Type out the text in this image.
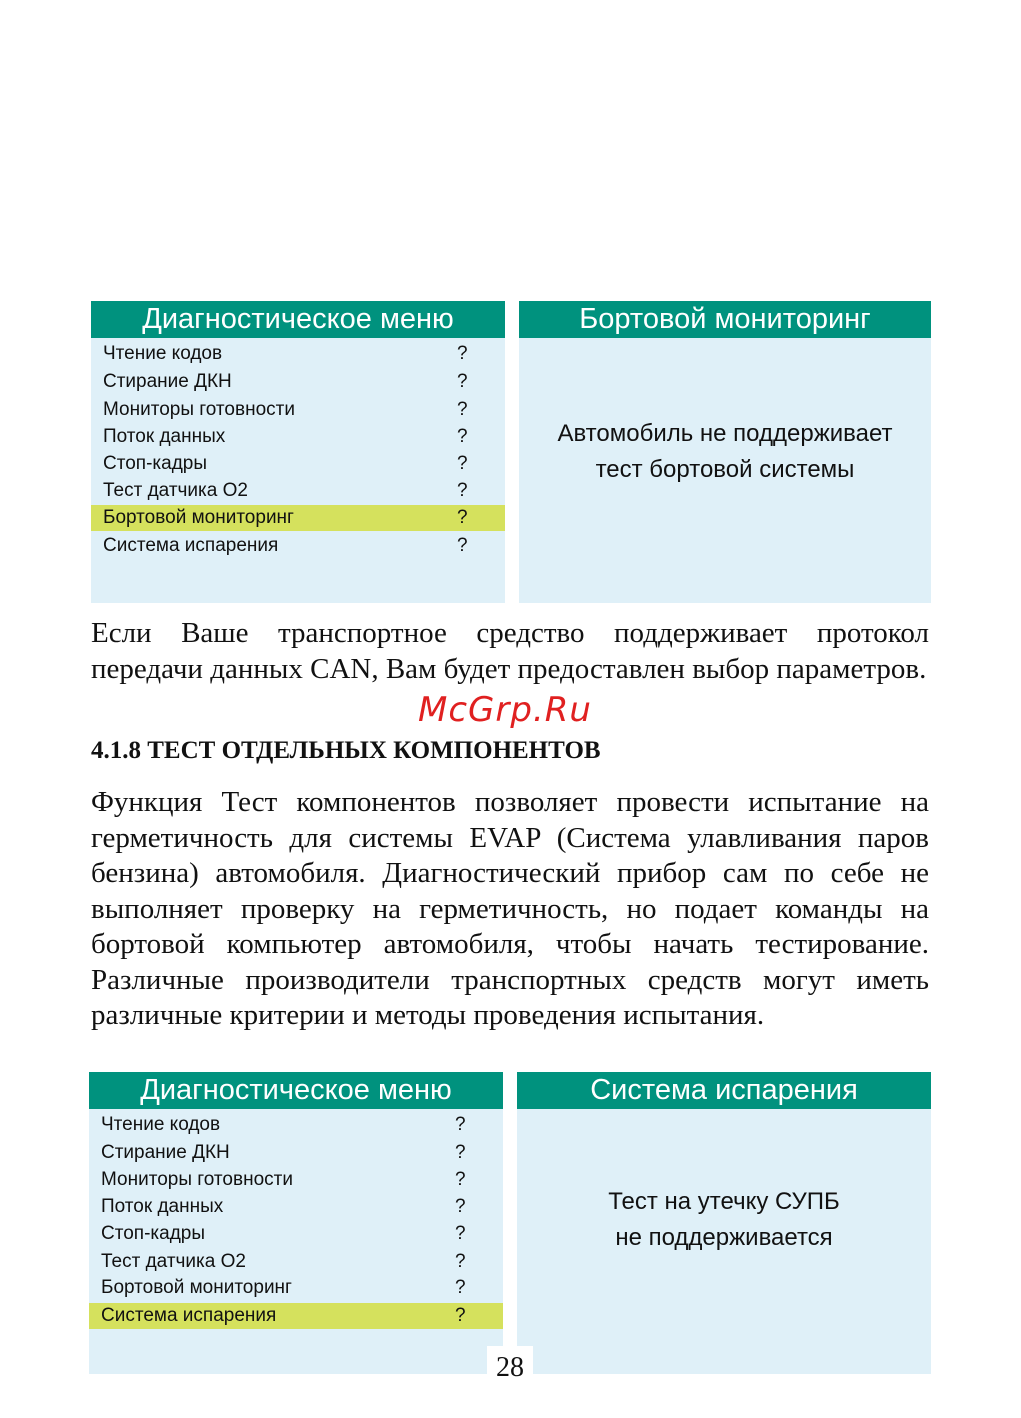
Диагностическое меню
Чтение кодов	?
Стирание ДКН	?
Мониторы готовности	?
Поток данных	?
Стоп-кадры	?
Тест датчика О2	?
Бортовой мониторинг	?
Система испарения	?
Бортовой мониторинг
Автомобиль не поддерживает
тест бортовой системы
Если Ваше транспортное средство поддерживает протокол передачи данных CAN, Вам будет предоставлен выбор параметров.
McGrp.Ru
4.1.8 ТЕСТ ОТДЕЛЬНЫХ КОМПОНЕНТОВ
Функция Тест компонентов позволяет провести испытание на герметичность для системы EVAP (Система улавливания паров бензина) автомобиля. Диагностический прибор сам по себе не выполняет проверку на герметичность, но подает команды на бортовой компьютер автомобиля, чтобы начать тестирование. Различные производители транспортных средств могут иметь различные критерии и методы проведения испытания.
Диагностическое меню
Чтение кодов	?
Стирание ДКН	?
Мониторы готовности	?
Поток данных	?
Стоп-кадры	?
Тест датчика О2	?
Бортовой мониторинг	?
Система испарения	?
Система испарения
Тест на утечку СУПБ
не поддерживается
28
